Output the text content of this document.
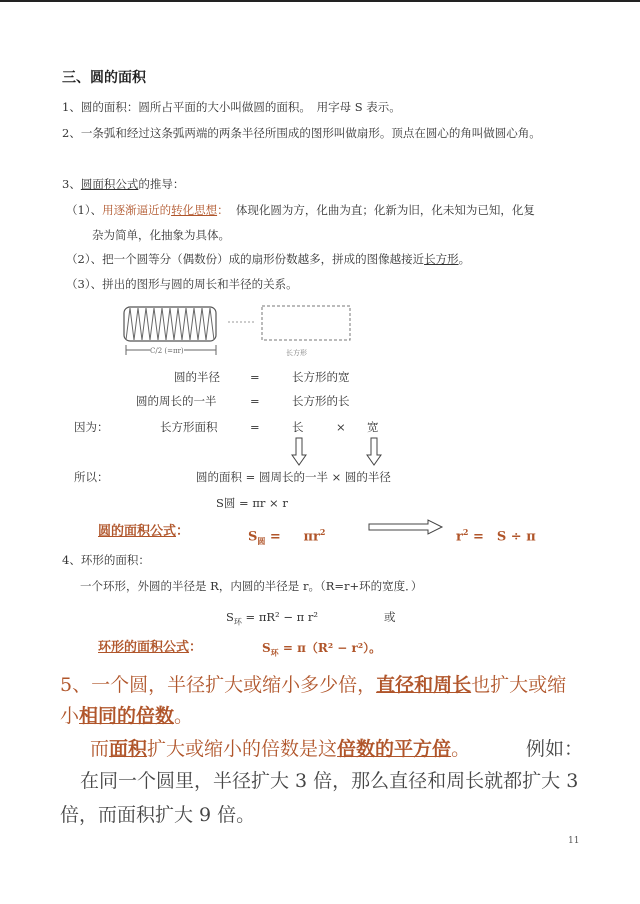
三、圆的面积
1、圆的面积：圆所占平面的大小叫做圆的面积。　用字母 S 表示。
2、一条弧和经过这条弧两端的两条半径所围成的图形叫做扇形。顶点在圆心的角叫做圆心角。
3、圆面积公式的推导：
（1）、用逐渐逼近的转化思想： 体现化圆为方，化曲为直；化新为旧，化未知为已知，化复
杂为简单，化抽象为具体。
（2）、把一个圆等分（偶数份）成的扇形份数越多，拼成的图像越接近长方形。
（3）、拼出的图形与圆的周长和半径的关系。
C/2 (=πr)	长方形
圆的半径	=	长方形的宽
圆的周长的一半	=	长方形的长
因为：	长方形面积	=	长	× 宽
所以：	圆的面积 = 圆周长的一半 × 圆的半径
S圆 = πr × r
圆的面积公式：	$S_圆 = \pi r^2$	$r^2$ =　S ÷ π
4、环形的面积：
一个环形，外圆的半径是 R，内圆的半径是 r。（R=r+环的宽度．）
$S_环 = \pi R^2 - \pi$ r²	或
环形的面积公式：	$S_环 = \pi(R^2 - r^2)$。
5、一个圆，半径扩大或缩小多少倍，直径和周长也扩大或缩
小相同的倍数。
而面积扩大或缩小的倍数是这倍数的平方倍。	例如：
在同一个圆里，半径扩大 3 倍，那么直径和周长就都扩大 3
倍，而面积扩大 9 倍。
11
